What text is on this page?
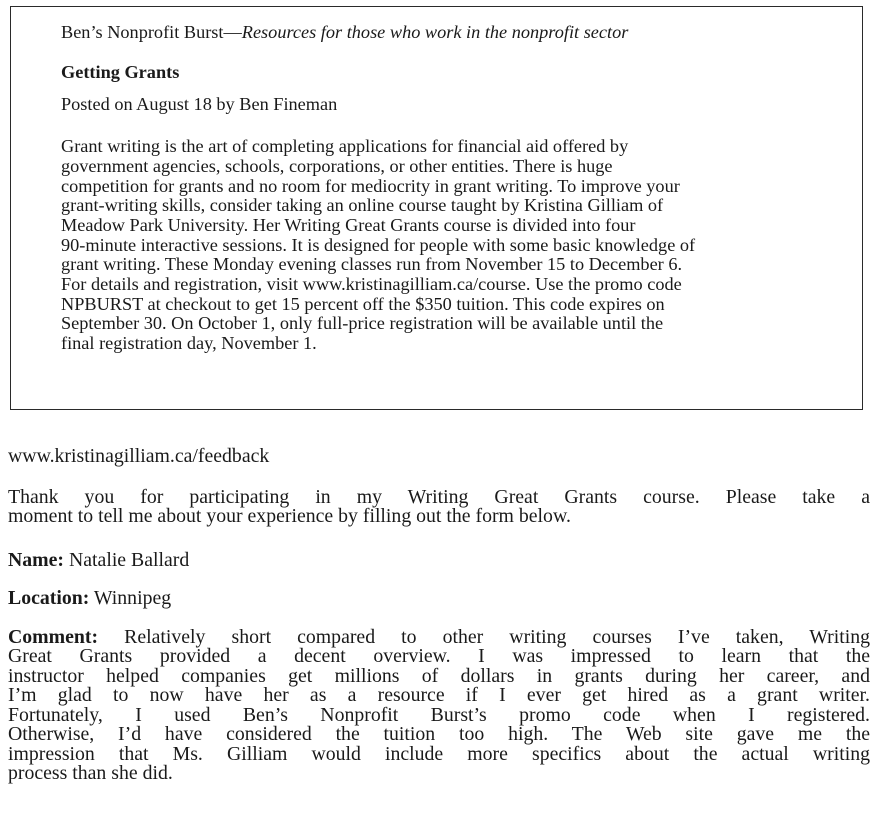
Ben’s Nonprofit Burst—Resources for those who work in the nonprofit sector

Getting Grants

Posted on August 18 by Ben Fineman

Grant writing is the art of completing applications for financial aid offered by
government agencies, schools, corporations, or other entities. There is huge
competition for grants and no room for mediocrity in grant writing. To improve your
grant-writing skills, consider taking an online course taught by Kristina Gilliam of
Meadow Park University. Her Writing Great Grants course is divided into four
90-minute interactive sessions. It is designed for people with some basic knowledge of
grant writing. These Monday evening classes run from November 15 to December 6.
For details and registration, visit www.kristinagilliam.ca/course. Use the promo code
NPBURST at checkout to get 15 percent off the $350 tuition. This code expires on
September 30. On October 1, only full-price registration will be available until the
final registration day, November 1.

www.kristinagilliam.ca/feedback

Thank you for participating in my Writing Great Grants course. Please take a
moment to tell me about your experience by filling out the form below.

Name: Natalie Ballard

Location: Winnipeg

Comment: Relatively short compared to other writing courses I’ve taken, Writing
Great Grants provided a decent overview. I was impressed to learn that the
instructor helped companies get millions of dollars in grants during her career, and
I’m glad to now have her as a resource if I ever get hired as a grant writer.
Fortunately, I used Ben’s Nonprofit Burst’s promo code when I registered.
Otherwise, I’d have considered the tuition too high. The Web site gave me the
impression that Ms. Gilliam would include more specifics about the actual writing
process than she did.
